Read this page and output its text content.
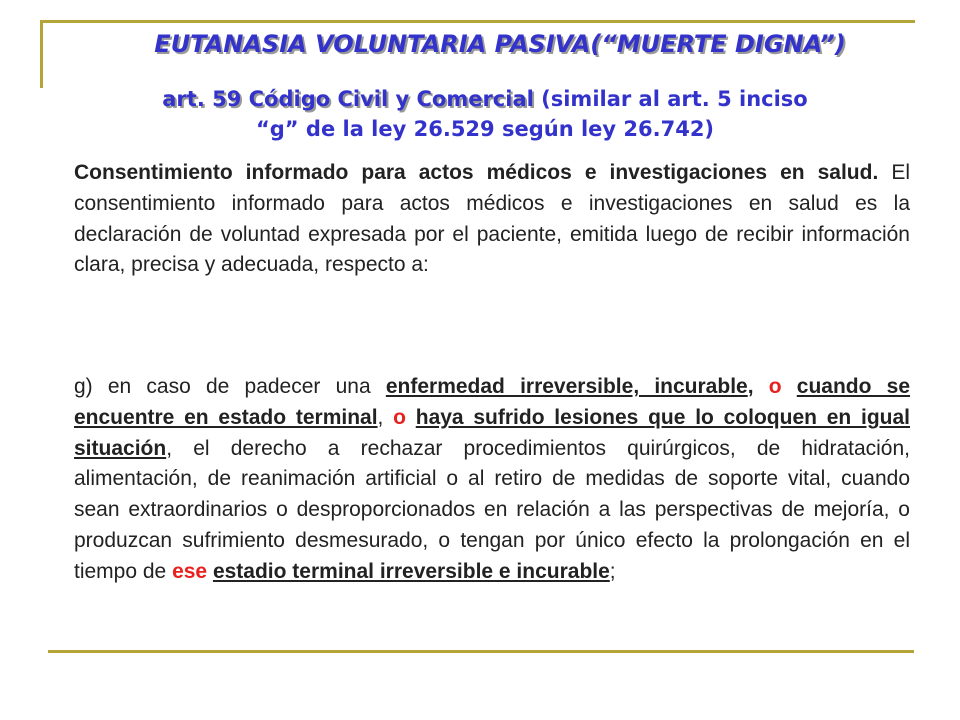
EUTANASIA VOLUNTARIA PASIVA(“MUERTE DIGNA”)
art. 59 Código Civil y Comercial (similar al art. 5 inciso
“g” de la ley 26.529 según ley 26.742)
Consentimiento informado para actos médicos e investigaciones en salud. El consentimiento informado para actos médicos e investigaciones en salud es la declaración de voluntad expresada por el paciente, emitida luego de recibir información clara, precisa y adecuada, respecto a:
g) en caso de padecer una enfermedad irreversible, incurable, o cuando se encuentre en estado terminal, o haya sufrido lesiones que lo coloquen en igual situación, el derecho a rechazar procedimientos quirúrgicos, de hidratación, alimentación, de reanimación artificial o al retiro de medidas de soporte vital, cuando sean extraordinarios o desproporcionados en relación a las perspectivas de mejoría, o produzcan sufrimiento desmesurado, o tengan por único efecto la prolongación en el tiempo de ese estadio terminal irreversible e incurable;
